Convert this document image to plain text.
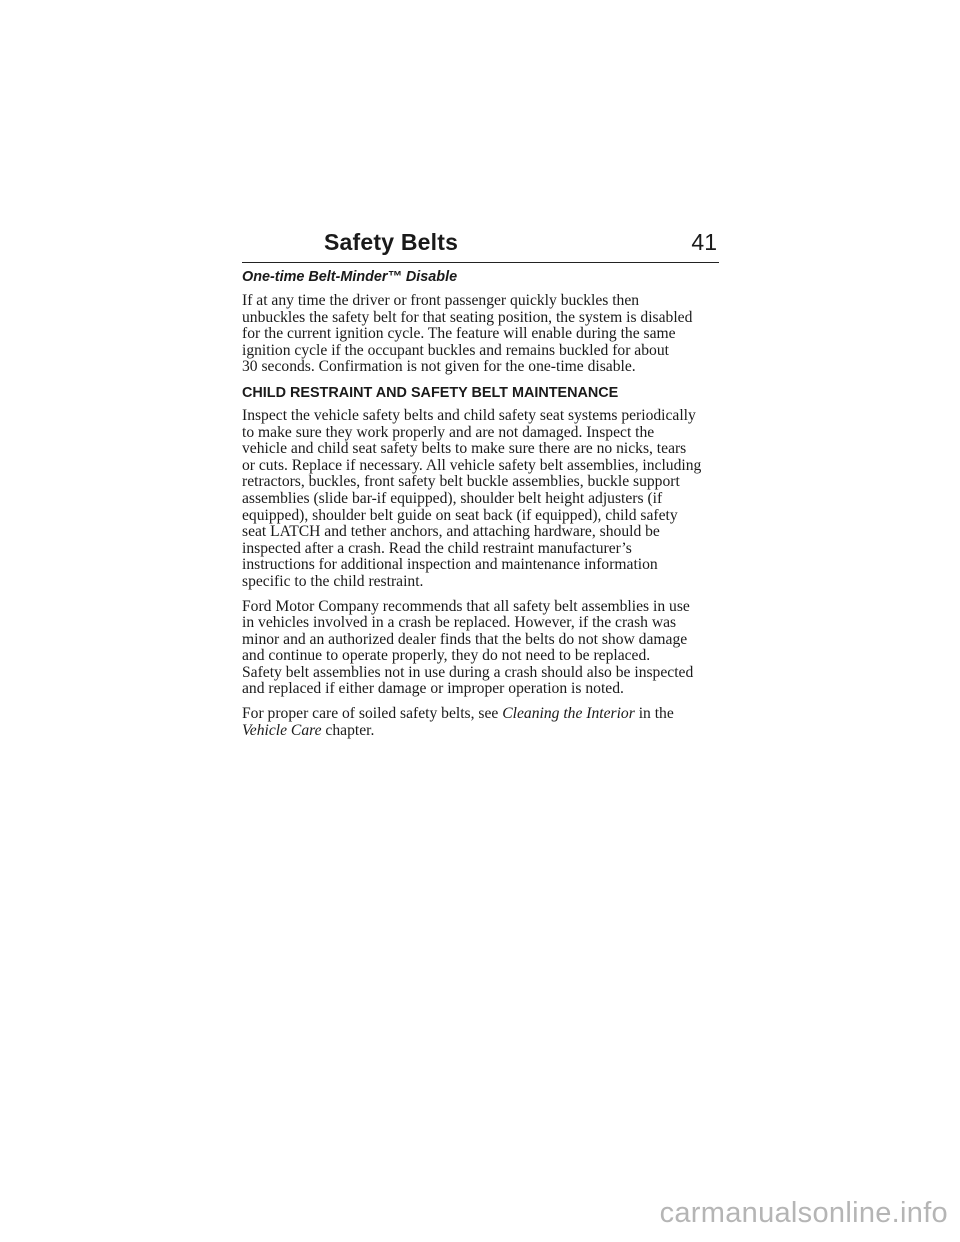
Safety Belts	41
One-time Belt-Minder™ Disable

If at any time the driver or front passenger quickly buckles then
unbuckles the safety belt for that seating position, the system is disabled
for the current ignition cycle. The feature will enable during the same
ignition cycle if the occupant buckles and remains buckled for about
30 seconds. Confirmation is not given for the one-time disable.

CHILD RESTRAINT AND SAFETY BELT MAINTENANCE

Inspect the vehicle safety belts and child safety seat systems periodically
to make sure they work properly and are not damaged. Inspect the
vehicle and child seat safety belts to make sure there are no nicks, tears
or cuts. Replace if necessary. All vehicle safety belt assemblies, including
retractors, buckles, front safety belt buckle assemblies, buckle support
assemblies (slide bar-if equipped), shoulder belt height adjusters (if
equipped), shoulder belt guide on seat back (if equipped), child safety
seat LATCH and tether anchors, and attaching hardware, should be
inspected after a crash. Read the child restraint manufacturer’s
instructions for additional inspection and maintenance information
specific to the child restraint.

Ford Motor Company recommends that all safety belt assemblies in use
in vehicles involved in a crash be replaced. However, if the crash was
minor and an authorized dealer finds that the belts do not show damage
and continue to operate properly, they do not need to be replaced.
Safety belt assemblies not in use during a crash should also be inspected
and replaced if either damage or improper operation is noted.

For proper care of soiled safety belts, see Cleaning the Interior in the
Vehicle Care chapter.

carmanualsonline.info
